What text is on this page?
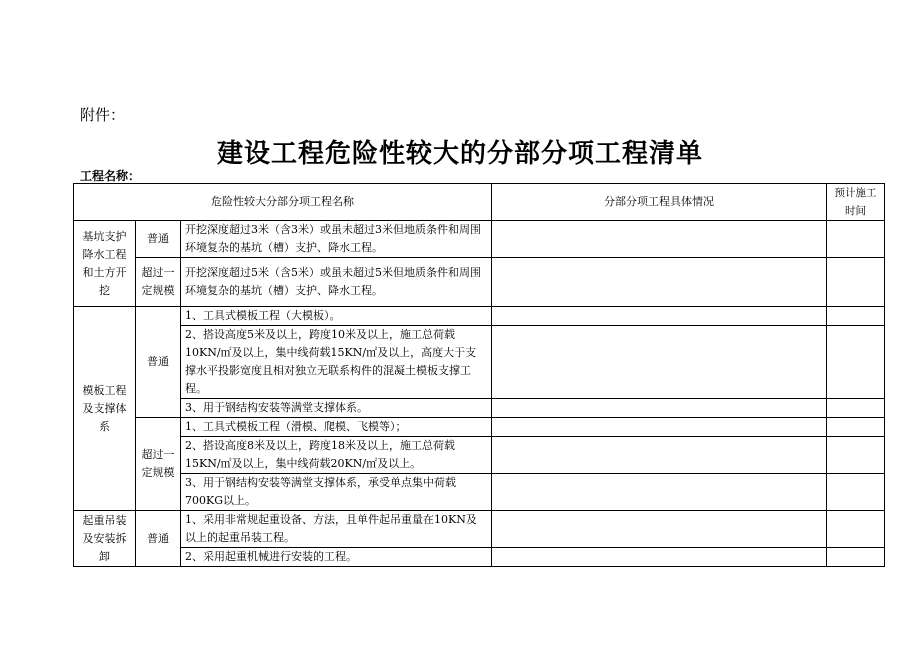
附件：
建设工程危险性较大的分部分项工程清单
工程名称：
危险性较大分部分项工程名称			分部分项工程具体情况	预计施工时间
基坑支护降水工程和土方开挖	普通	开挖深度超过3米（含3米）或虽未超过3米但地质条件和周围环境复杂的基坑（槽）支护、降水工程。		
	超过一定规模	开挖深度超过5米（含5米）或虽未超过5米但地质条件和周围环境复杂的基坑（槽）支护、降水工程。		
模板工程及支撑体系	普通	1、工具式模板工程（大模板）。		
		2、搭设高度5米及以上，跨度10米及以上，施工总荷载10KN/㎡及以上，集中线荷载15KN/㎡及以上，高度大于支撑水平投影宽度且相对独立无联系构件的混凝土模板支撑工程。		
		3、用于钢结构安装等满堂支撑体系。		
	超过一定规模	1、工具式模板工程（滑模、爬模、飞模等）；		
		2、搭设高度8米及以上，跨度18米及以上，施工总荷载15KN/㎡及以上，集中线荷载20KN/㎡及以上。		
		3、用于钢结构安装等满堂支撑体系，承受单点集中荷载700KG以上。		
起重吊装及安装拆卸	普通	1、采用非常规起重设备、方法，且单件起吊重量在10KN及以上的起重吊装工程。		
		2、采用起重机械进行安装的工程。		
